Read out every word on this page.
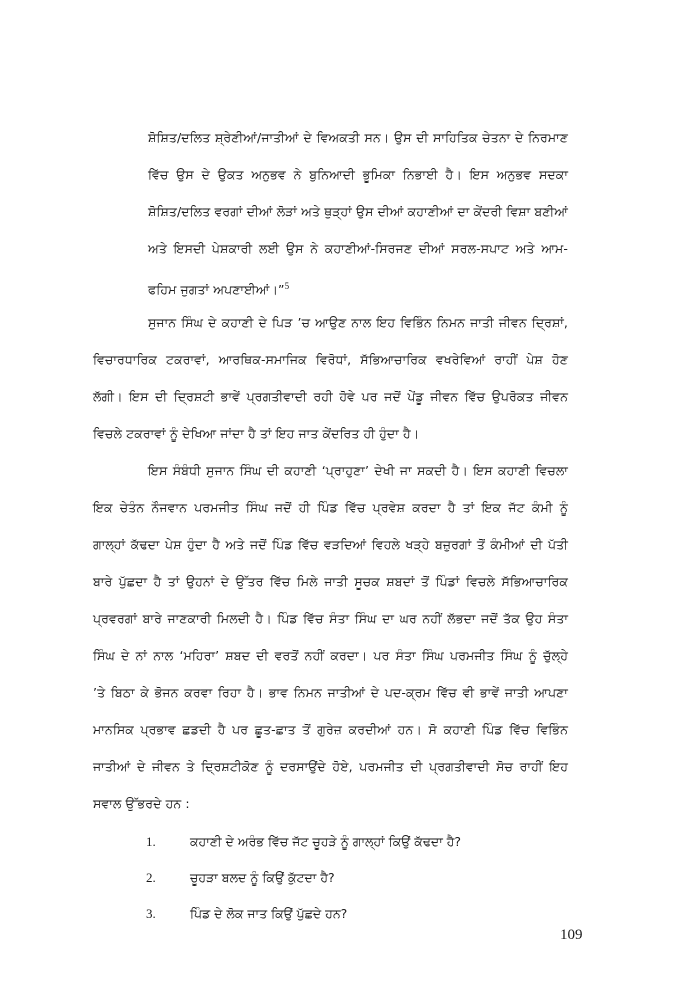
ਸ਼ੋਸ਼ਿਤ/ਦਲਿਤ ਸ਼੍ਰੇਣੀਆਂ/ਜਾਤੀਆਂ ਦੇ ਵਿਅਕਤੀ ਸਨ। ਉਸ ਦੀ ਸਾਹਿਤਿਕ ਚੇਤਨਾ ਦੇ ਨਿਰਮਾਣ
ਵਿੱਚ ਉਸ ਦੇ ਉਕਤ ਅਨੁਭਵ ਨੇ ਬੁਨਿਆਦੀ ਭੂਮਿਕਾ ਨਿਭਾਈ ਹੈ। ਇਸ ਅਨੁਭਵ ਸਦਕਾ
ਸ਼ੋਸ਼ਿਤ/ਦਲਿਤ ਵਰਗਾਂ ਦੀਆਂ ਲੋੜਾਂ ਅਤੇ ਥੁੜ੍ਹਾਂ ਉਸ ਦੀਆਂ ਕਹਾਣੀਆਂ ਦਾ ਕੇਂਦਰੀ ਵਿਸ਼ਾ ਬਣੀਆਂ
ਅਤੇ ਇਸਦੀ ਪੇਸ਼ਕਾਰੀ ਲਈ ਉਸ ਨੇ ਕਹਾਣੀਆਂ-ਸਿਰਜਣ ਦੀਆਂ ਸਰਲ-ਸਪਾਟ ਅਤੇ ਆਮ-
ਫਹਿਮ ਜੁਗਤਾਂ ਅਪਣਾਈਆਂ।”$^5$
ਸੁਜਾਨ ਸਿੰਘ ਦੇ ਕਹਾਣੀ ਦੇ ਪਿੜ ’ਚ ਆਉਣ ਨਾਲ ਇਹ ਵਿਭਿੰਨ ਨਿਮਨ ਜਾਤੀ ਜੀਵਨ ਦ੍ਰਿਸ਼ਾਂ,
ਵਿਚਾਰਧਾਰਿਕ ਟਕਰਾਵਾਂ, ਆਰਥਿਕ-ਸਮਾਜਿਕ ਵਿਰੋਧਾਂ, ਸੱਭਿਆਚਾਰਿਕ ਵਖਰੇਵਿਆਂ ਰਾਹੀਂ ਪੇਸ਼ ਹੋਣ
ਲੱਗੀ। ਇਸ ਦੀ ਦ੍ਰਿਸ਼ਟੀ ਭਾਵੇਂ ਪ੍ਰਗਤੀਵਾਦੀ ਰਹੀ ਹੋਵੇ ਪਰ ਜਦੋਂ ਪੇਂਡੂ ਜੀਵਨ ਵਿੱਚ ਉਪਰੋਕਤ ਜੀਵਨ
ਵਿਚਲੇ ਟਕਰਾਵਾਂ ਨੂੰ ਦੇਖਿਆ ਜਾਂਦਾ ਹੈ ਤਾਂ ਇਹ ਜਾਤ ਕੇਂਦਰਿਤ ਹੀ ਹੁੰਦਾ ਹੈ।
ਇਸ ਸੰਬੰਧੀ ਸੁਜਾਨ ਸਿੰਘ ਦੀ ਕਹਾਣੀ ‘ਪ੍ਰਾਹੁਣਾ’ ਦੇਖੀ ਜਾ ਸਕਦੀ ਹੈ। ਇਸ ਕਹਾਣੀ ਵਿਚਲਾ
ਇਕ ਚੇਤੰਨ ਨੌਜਵਾਨ ਪਰਮਜੀਤ ਸਿੰਘ ਜਦੋਂ ਹੀ ਪਿੰਡ ਵਿੱਚ ਪ੍ਰਵੇਸ਼ ਕਰਦਾ ਹੈ ਤਾਂ ਇਕ ਜੱਟ ਕੰਮੀ ਨੂੰ
ਗਾਲ੍ਹਾਂ ਕੱਢਦਾ ਪੇਸ਼ ਹੁੰਦਾ ਹੈ ਅਤੇ ਜਦੋਂ ਪਿੰਡ ਵਿੱਚ ਵੜਦਿਆਂ ਵਿਹਲੇ ਖੜ੍ਹੇ ਬਜ਼ੁਰਗਾਂ ਤੋਂ ਕੰਮੀਆਂ ਦੀ ਪੱਤੀ
ਬਾਰੇ ਪੁੱਛਦਾ ਹੈ ਤਾਂ ਉਹਨਾਂ ਦੇ ਉੱਤਰ ਵਿੱਚ ਮਿਲੇ ਜਾਤੀ ਸੂਚਕ ਸ਼ਬਦਾਂ ਤੋਂ ਪਿੰਡਾਂ ਵਿਚਲੇ ਸੱਭਿਆਚਾਰਿਕ
ਪ੍ਰਵਰਗਾਂ ਬਾਰੇ ਜਾਣਕਾਰੀ ਮਿਲਦੀ ਹੈ। ਪਿੰਡ ਵਿੱਚ ਸੰਤਾ ਸਿੰਘ ਦਾ ਘਰ ਨਹੀਂ ਲੱਭਦਾ ਜਦੋਂ ਤੱਕ ਉਹ ਸੰਤਾ
ਸਿੰਘ ਦੇ ਨਾਂ ਨਾਲ ‘ਮਹਿਰਾ’ ਸ਼ਬਦ ਦੀ ਵਰਤੋਂ ਨਹੀਂ ਕਰਦਾ। ਪਰ ਸੰਤਾ ਸਿੰਘ ਪਰਮਜੀਤ ਸਿੰਘ ਨੂੰ ਚੁੱਲ੍ਹੇ
’ਤੇ ਬਿਠਾ ਕੇ ਭੋਜਨ ਕਰਵਾ ਰਿਹਾ ਹੈ। ਭਾਵ ਨਿਮਨ ਜਾਤੀਆਂ ਦੇ ਪਦ-ਕ੍ਰਮ ਵਿੱਚ ਵੀ ਭਾਵੇਂ ਜਾਤੀ ਆਪਣਾ
ਮਾਨਸਿਕ ਪ੍ਰਭਾਵ ਛਡਦੀ ਹੈ ਪਰ ਛੂਤ-ਛਾਤ ਤੋਂ ਗੁਰੇਜ਼ ਕਰਦੀਆਂ ਹਨ। ਸੋ ਕਹਾਣੀ ਪਿੰਡ ਵਿੱਚ ਵਿਭਿੰਨ
ਜਾਤੀਆਂ ਦੇ ਜੀਵਨ ਤੇ ਦ੍ਰਿਸ਼ਟੀਕੋਣ ਨੂੰ ਦਰਸਾਉਂਦੇ ਹੋਏ, ਪਰਮਜੀਤ ਦੀ ਪ੍ਰਗਤੀਵਾਦੀ ਸੋਚ ਰਾਹੀਂ ਇਹ
ਸਵਾਲ ਉੱਭਰਦੇ ਹਨ :
1.	ਕਹਾਣੀ ਦੇ ਅਰੰਭ ਵਿੱਚ ਜੱਟ ਚੂਹੜੇ ਨੂੰ ਗਾਲ੍ਹਾਂ ਕਿਉਂ ਕੱਢਦਾ ਹੈ?
2.	ਚੂਹੜਾ ਬਲਦ ਨੂੰ ਕਿਉਂ ਕੁੱਟਦਾ ਹੈ?
3.	ਪਿੰਡ ਦੇ ਲੋਕ ਜਾਤ ਕਿਉਂ ਪੁੱਛਦੇ ਹਨ?
109
